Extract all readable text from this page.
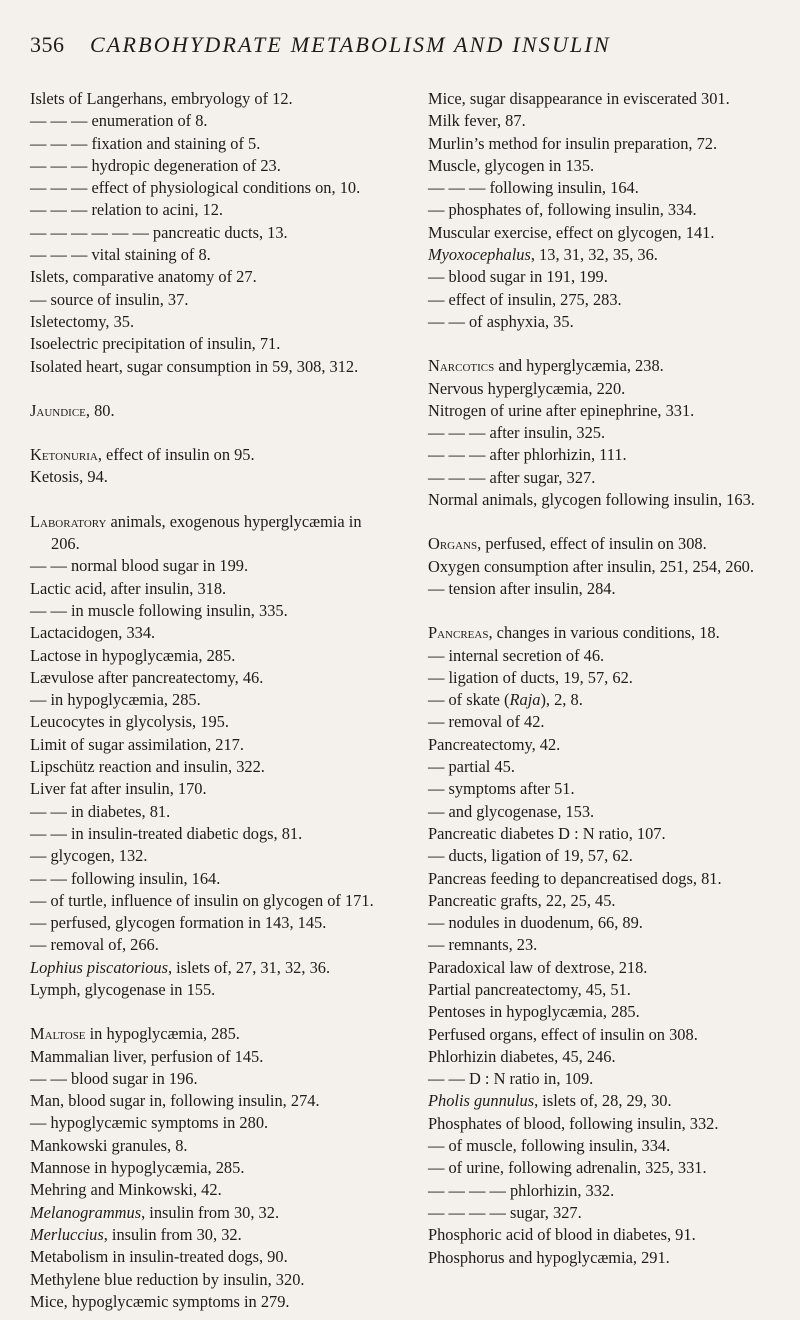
356 CARBOHYDRATE METABOLISM AND INSULIN
Islets of Langerhans, embryology of 12.
— — — enumeration of 8.
— — — fixation and staining of 5.
— — — hydropic degeneration of 23.
— — — effect of physiological conditions on, 10.
— — — relation to acini, 12.
— — — — — — pancreatic ducts, 13.
— — — vital staining of 8.
Islets, comparative anatomy of 27.
— source of insulin, 37.
Isletectomy, 35.
Isoelectric precipitation of insulin, 71.
Isolated heart, sugar consumption in 59, 308, 312.
Jaundice, 80.
Ketonuria, effect of insulin on 95.
Ketosis, 94.
Laboratory animals, exogenous hyperglycæmia in 206.
— — normal blood sugar in 199.
Lactic acid, after insulin, 318.
— — in muscle following insulin, 335.
Lactacidogen, 334.
Lactose in hypoglycæmia, 285.
Lævulose after pancreatectomy, 46.
— in hypoglycæmia, 285.
Leucocytes in glycolysis, 195.
Limit of sugar assimilation, 217.
Lipschütz reaction and insulin, 322.
Liver fat after insulin, 170.
— — in diabetes, 81.
— — in insulin-treated diabetic dogs, 81.
— glycogen, 132.
— — following insulin, 164.
— of turtle, influence of insulin on glycogen of 171.
— perfused, glycogen formation in 143, 145.
— removal of, 266.
Lophius piscatorious, islets of, 27, 31, 32, 36.
Lymph, glycogenase in 155.
Maltose in hypoglycæmia, 285.
Mammalian liver, perfusion of 145.
— — blood sugar in 196.
Man, blood sugar in, following insulin, 274.
— hypoglycæmic symptoms in 280.
Mankowski granules, 8.
Mannose in hypoglycæmia, 285.
Mehring and Minkowski, 42.
Melanogrammus, insulin from 30, 32.
Merluccius, insulin from 30, 32.
Metabolism in insulin-treated dogs, 90.
Methylene blue reduction by insulin, 320.
Mice, hypoglycæmic symptoms in 279.
Mice, sugar disappearance in eviscerated 301.
Milk fever, 87.
Murlin’s method for insulin preparation, 72.
Muscle, glycogen in 135.
— — — following insulin, 164.
— phosphates of, following insulin, 334.
Muscular exercise, effect on glycogen, 141.
Myoxocephalus, 13, 31, 32, 35, 36.
— blood sugar in 191, 199.
— effect of insulin, 275, 283.
— — of asphyxia, 35.
Narcotics and hyperglycæmia, 238.
Nervous hyperglycæmia, 220.
Nitrogen of urine after epinephrine, 331.
— — — after insulin, 325.
— — — after phlorhizin, 111.
— — — after sugar, 327.
Normal animals, glycogen following insulin, 163.
Organs, perfused, effect of insulin on 308.
Oxygen consumption after insulin, 251, 254, 260.
— tension after insulin, 284.
Pancreas, changes in various conditions, 18.
— internal secretion of 46.
— ligation of ducts, 19, 57, 62.
— of skate (Raja), 2, 8.
— removal of 42.
Pancreatectomy, 42.
— partial 45.
— symptoms after 51.
— and glycogenase, 153.
Pancreatic diabetes D : N ratio, 107.
— ducts, ligation of 19, 57, 62.
Pancreas feeding to depancreatised dogs, 81.
Pancreatic grafts, 22, 25, 45.
— nodules in duodenum, 66, 89.
— remnants, 23.
Paradoxical law of dextrose, 218.
Partial pancreatectomy, 45, 51.
Pentoses in hypoglycæmia, 285.
Perfused organs, effect of insulin on 308.
Phlorhizin diabetes, 45, 246.
— — D : N ratio in, 109.
Pholis gunnulus, islets of, 28, 29, 30.
Phosphates of blood, following insulin, 332.
— of muscle, following insulin, 334.
— of urine, following adrenalin, 325, 331.
— — — — phlorhizin, 332.
— — — — sugar, 327.
Phosphoric acid of blood in diabetes, 91.
Phosphorus and hypoglycæmia, 291.
